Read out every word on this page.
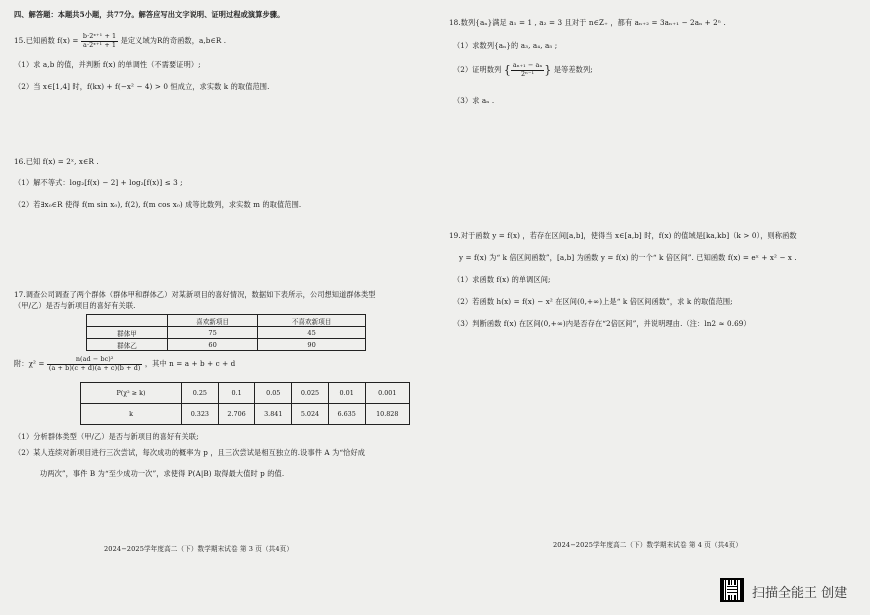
四、解答题：本题共5小题，共77分。解答应写出文字说明、证明过程或演算步骤。
15.已知函数 $f(x) = \frac{\text{b·2ˣ⁺¹ + 1}}{\text{a·2ˣ⁺¹ + 1}}$ 是定义域为R的奇函数，a,b∈R .
（1）求 a,b 的值，并判断 f(x) 的单调性（不需要证明）;
（2）当 x∈[1,4] 时，f(kx) + f(−x² − 4) > 0 恒成立，求实数 k 的取值范围.
16.已知 f(x) = 2ˣ, x∈R .
（1）解不等式：log₂[f(x) − 2] + log₂[f(x)] ≤ 3 ;
（2）若∃x₀∈R 使得 f(m sin x₀), f(2), f(m cos x₀) 成等比数列，求实数 m 的取值范围.
17.调查公司调查了两个群体（群体甲和群体乙）对某新项目的喜好情况，数据如下表所示，公司想知道群体类型
（甲/乙）是否与新项目的喜好有关联.
	喜欢新项目	不喜欢新项目
群体甲	75	45
群体乙	60	90
附：$\chi^2 = \frac{\text{n(ad − bc)²}}{(a + b)(c + d)(a + c)(b + d)}$ ，其中 n = a + b + c + d
P(χ² ≥ k)	0.25	0.1	0.05	0.025	0.01	0.001
k	0.323	2.706	3.841	5.024	6.635	10.828
（1）分析群体类型（甲/乙）是否与新项目的喜好有关联;
（2）某人连续对新项目进行三次尝试，每次成功的概率为 p ，且三次尝试是相互独立的.设事件 A 为“恰好成
功两次”，事件 B 为“至少成功一次”，求使得 P(A|B) 取得最大值时 p 的值.
2024−2025学年度高二（下）数学期末试卷 第 3 页（共4页）
18.数列{aₙ}满足 a₁ = 1 , a₂ = 3 且对于 n∈Z₊ ，都有 aₙ₊₂ = 3aₙ₊₁ − 2aₙ + 2ⁿ .
（1）求数列{aₙ}的 a₃, a₄, a₅ ;
（2）证明数列 { $\frac{\text{aₙ₊₁ − aₙ}}{\text{2ⁿ⁻¹}}$ } 是等差数列;
（3）求 aₙ .
19.对于函数 y = f(x) ，若存在区间[a,b]，使得当 x∈[a,b] 时，f(x) 的值域是[ka,kb]（k > 0），则称函数
y = f(x) 为“ k 倍区间函数”，[a,b] 为函数 y = f(x) 的一个“ k 倍区间”. 已知函数 f(x) = eˣ + x² − x .
（1）求函数 f(x) 的单调区间;
（2）若函数 h(x) = f(x) − x² 在区间(0,+∞)上是“ k 倍区间函数”，求 k 的取值范围;
（3）判断函数 f(x) 在区间(0,+∞)内是否存在“2倍区间”，并说明理由.（注：ln2 ≈ 0.69）
2024−2025学年度高二（下）数学期末试卷 第 4 页（共4页）
扫描全能王 创建
